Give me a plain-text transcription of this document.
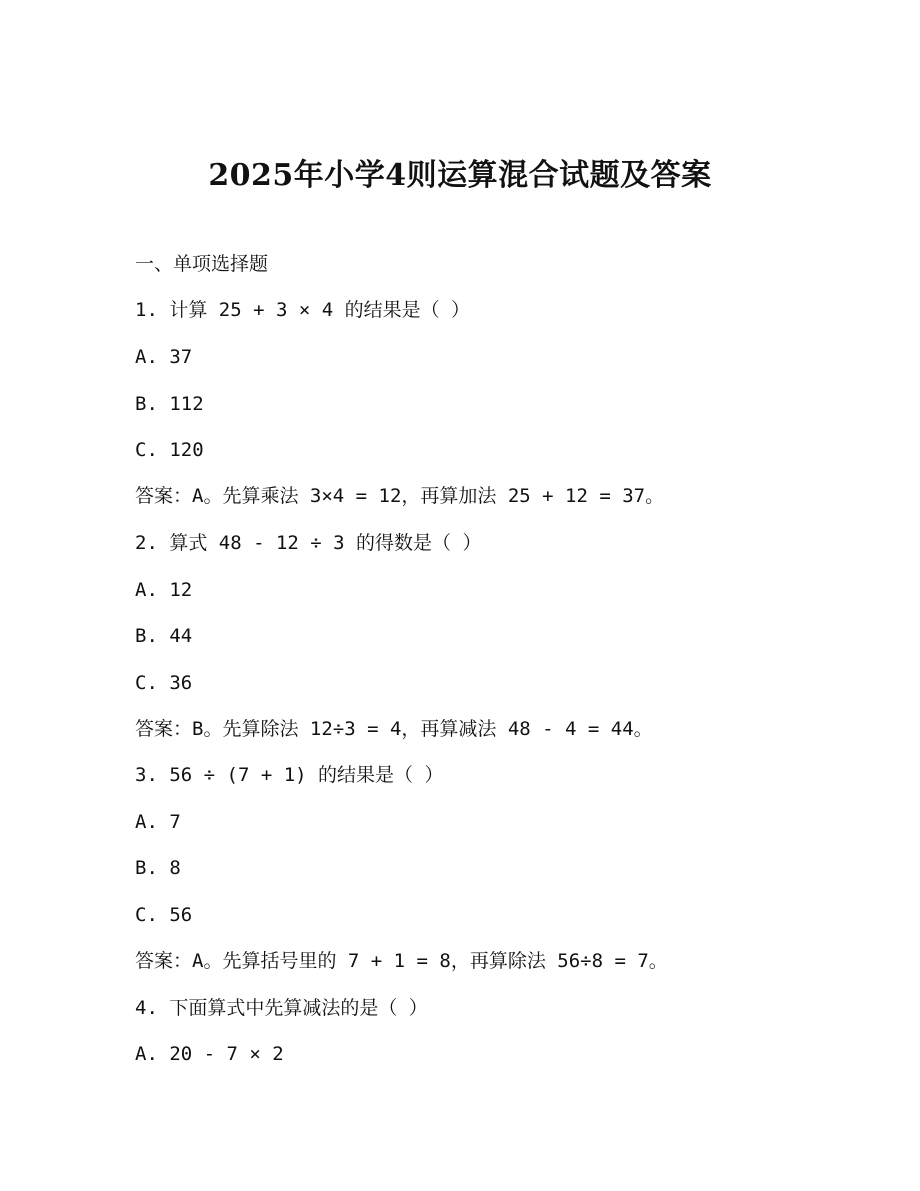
2025年小学4则运算混合试题及答案
一、单项选择题
1. 计算 25 + 3 × 4 的结果是（ ）
A. 37
B. 112
C. 120
答案：A。先算乘法 3×4 = 12，再算加法 25 + 12 = 37。
2. 算式 48 - 12 ÷ 3 的得数是（ ）
A. 12
B. 44
C. 36
答案：B。先算除法 12÷3 = 4，再算减法 48 - 4 = 44。
3. 56 ÷ (7 + 1) 的结果是（ ）
A. 7
B. 8
C. 56
答案：A。先算括号里的 7 + 1 = 8，再算除法 56÷8 = 7。
4. 下面算式中先算减法的是（ ）
A. 20 - 7 × 2
